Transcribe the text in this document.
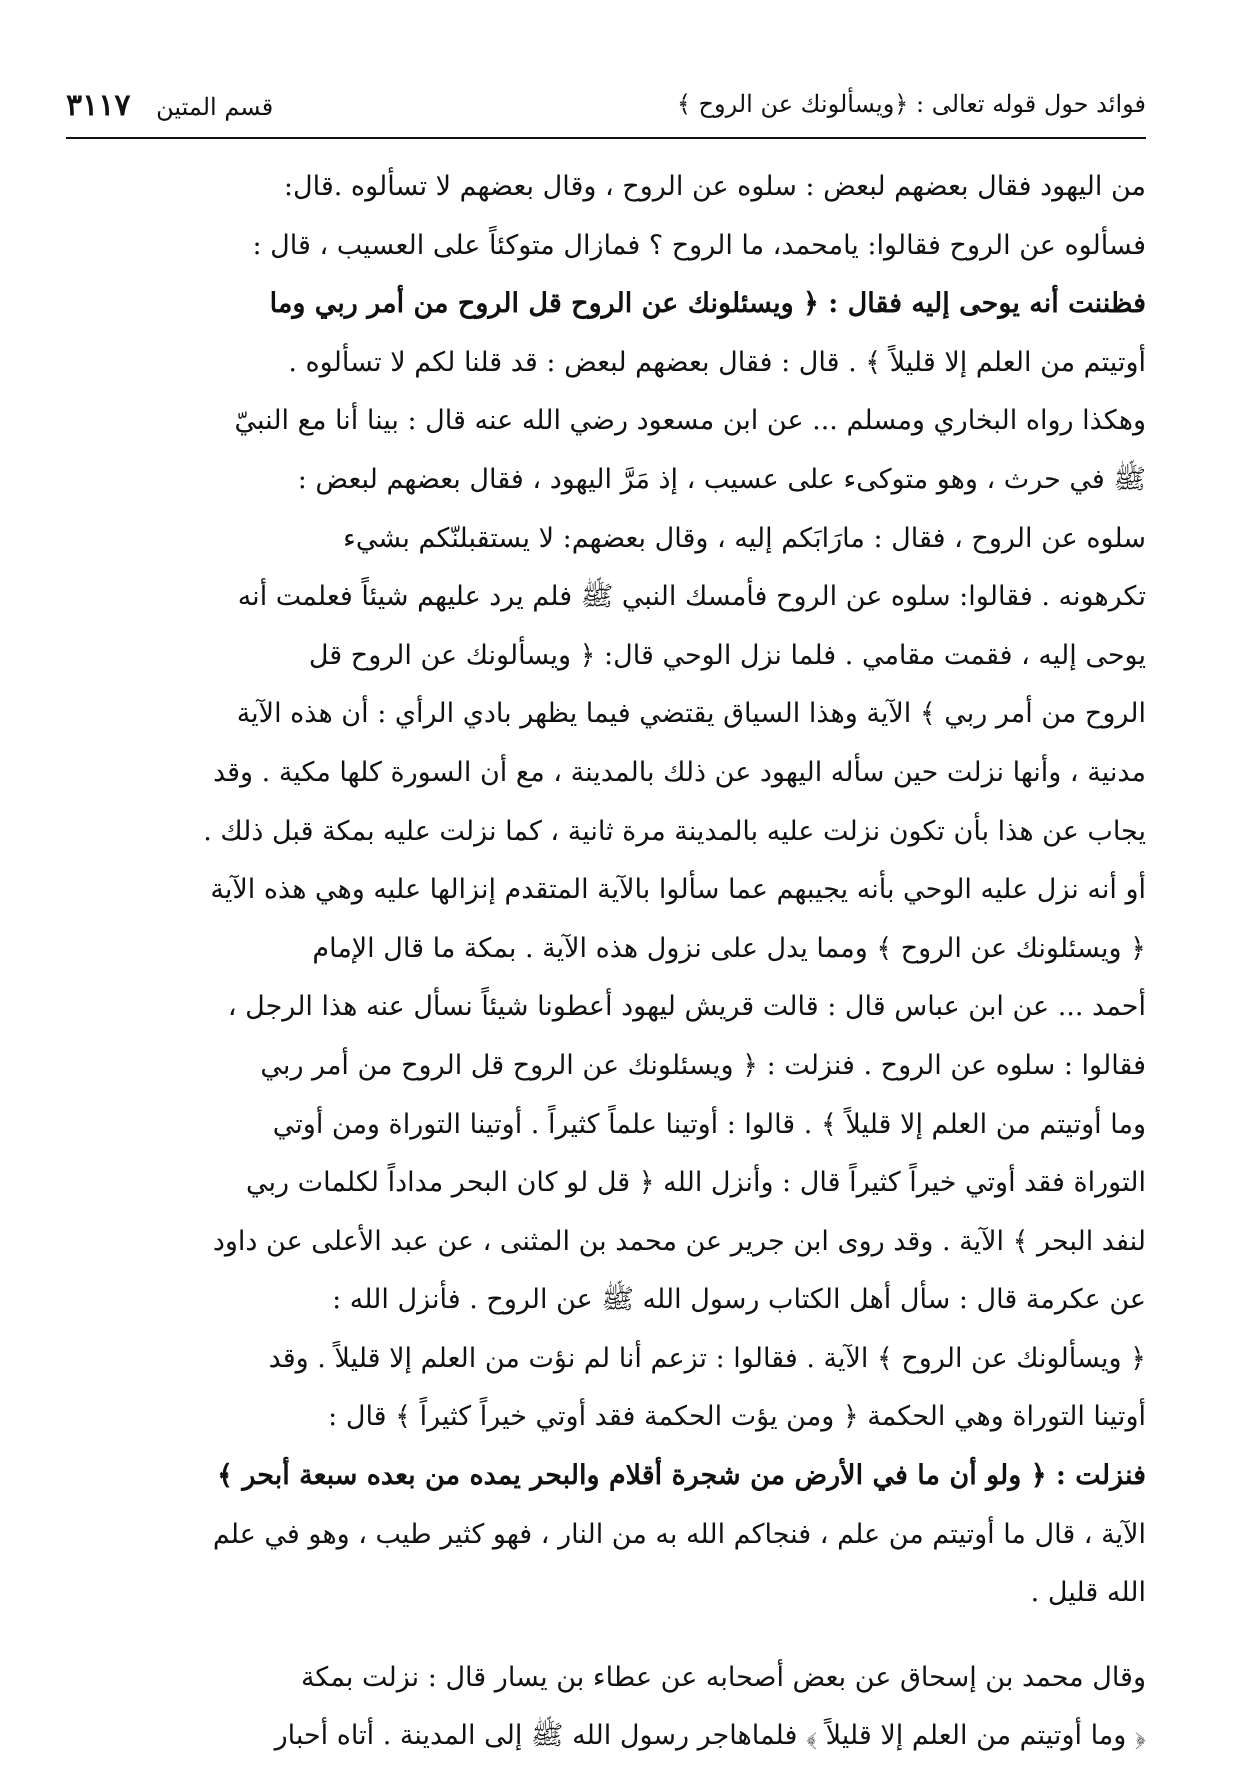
فوائد حول قوله تعالى : ﴿ويسألونك عن الروح ﴾
قسم المتين ٣١١٧
من اليهود فقال بعضهم لبعض : سلوه عن الروح ، وقال بعضهم لا تسألوه .قال:
فسألوه عن الروح فقالوا: يامحمد، ما الروح ؟ فمازال متوكئاً على العسيب ، قال :
فظننت أنه يوحى إليه فقال : ﴿ ويسئلونك عن الروح قل الروح من أمر ربي وما
أوتيتم من العلم إلا قليلاً ﴾ . قال : فقال بعضهم لبعض : قد قلنا لكم لا تسألوه .
وهكذا رواه البخاري ومسلم ... عن ابن مسعود رضي الله عنه قال : بينا أنا مع النبيّ
ﷺ في حرث ، وهو متوكىء على عسيب ، إذ مَرَّ اليهود ، فقال بعضهم لبعض :
سلوه عن الروح ، فقال : مارَابَكم إليه ، وقال بعضهم: لا يستقبلنّكم بشيء
تكرهونه . فقالوا: سلوه عن الروح فأمسك النبي ﷺ فلم يرد عليهم شيئاً فعلمت أنه
يوحى إليه ، فقمت مقامي . فلما نزل الوحي قال: ﴿ ويسألونك عن الروح قل
الروح من أمر ربي ﴾ الآية وهذا السياق يقتضي فيما يظهر بادي الرأي : أن هذه الآية
مدنية ، وأنها نزلت حين سأله اليهود عن ذلك بالمدينة ، مع أن السورة كلها مكية . وقد
يجاب عن هذا بأن تكون نزلت عليه بالمدينة مرة ثانية ، كما نزلت عليه بمكة قبل ذلك .
أو أنه نزل عليه الوحي بأنه يجيبهم عما سألوا بالآية المتقدم إنزالها عليه وهي هذه الآية
﴿ ويسئلونك عن الروح ﴾ ومما يدل على نزول هذه الآية . بمكة ما قال الإمام
أحمد ... عن ابن عباس قال : قالت قريش ليهود أعطونا شيئاً نسأل عنه هذا الرجل ،
فقالوا : سلوه عن الروح . فنزلت : ﴿ ويسئلونك عن الروح قل الروح من أمر ربي
وما أوتيتم من العلم إلا قليلاً ﴾ . قالوا : أوتينا علماً كثيراً . أوتينا التوراة ومن أوتي
التوراة فقد أوتي خيراً كثيراً قال : وأنزل الله ﴿ قل لو كان البحر مداداً لكلمات ربي
لنفد البحر ﴾ الآية . وقد روى ابن جرير عن محمد بن المثنى ، عن عبد الأعلى عن داود
عن عكرمة قال : سأل أهل الكتاب رسول الله ﷺ عن الروح . فأنزل الله :
﴿ ويسألونك عن الروح ﴾ الآية . فقالوا : تزعم أنا لم نؤت من العلم إلا قليلاً . وقد
أوتينا التوراة وهي الحكمة ﴿ ومن يؤت الحكمة فقد أوتي خيراً كثيراً ﴾ قال :
فنزلت : ﴿ ولو أن ما في الأرض من شجرة أقلام والبحر يمده من بعده سبعة أبحر ﴾
الآية ، قال ما أوتيتم من علم ، فنجاكم الله به من النار ، فهو كثير طيب ، وهو في علم
الله قليل .
وقال محمد بن إسحاق عن بعض أصحابه عن عطاء بن يسار قال : نزلت بمكة
﴿ وما أوتيتم من العلم إلا قليلاً ﴾ فلماهاجر رسول الله ﷺ إلى المدينة . أتاه أحبار
